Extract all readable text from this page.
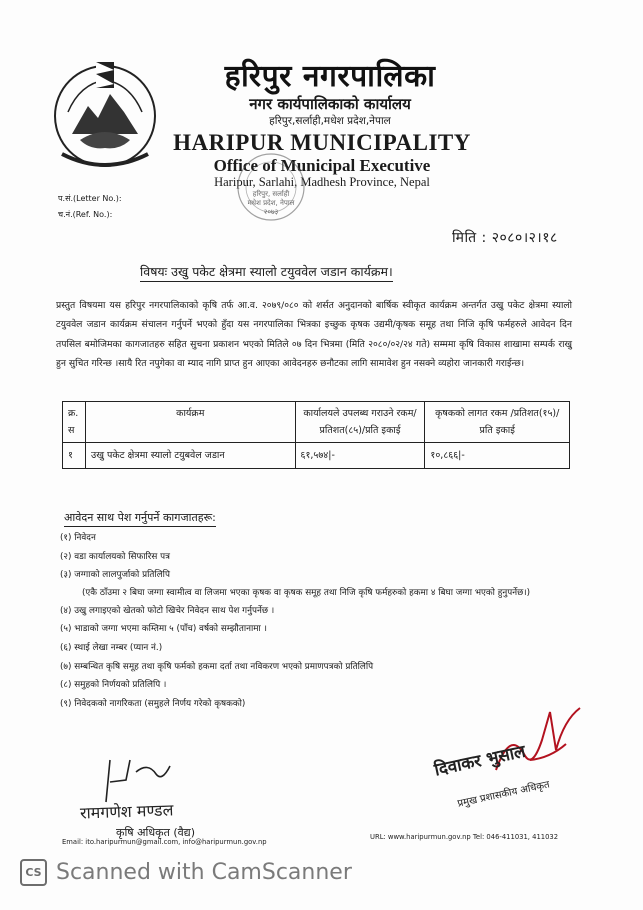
हरिपुर नगरपालिका
नगर कार्यपालिकाको कार्यालय
हरिपुर,सर्लाही,मधेश प्रदेश,नेपाल
HARIPUR MUNICIPALITY
Office of Municipal Executive
Haripur, Sarlahi, Madhesh Province, Nepal
हरिपुर, सर्लाही
मधेश प्रदेश, नेपाल
२०७३
प.सं.(Letter No.):
च.नं.(Ref. No.):
मिति : २०८०।२।१८
विषयः उखु पकेट क्षेत्रमा स्यालो टयुववेल जडान कार्यक्रम।

प्रस्तुत विषयमा यस हरिपुर नगरपालिकाको कृषि तर्फ आ.व. २०७९/०८० को शर्सत अनुदानको बार्षिक स्वीकृत कार्यक्रम अन्तर्गत उखु पकेट क्षेत्रमा स्यालो टयुववेल जडान कार्यक्रम संचालन गर्नुपर्ने भएको हुँदा यस नगरपालिका भित्रका इच्छुक कृषक उद्यमी/कृषक समूह तथा निजि कृषि फर्महरुले आवेदन दिन तपसिल बमोजिमका कागजातहरु सहित सुचना प्रकाशन भएको मितिले ०७ दिन भित्रमा (मिति २०८०/०२/२४ गते) सम्ममा कृषि विकास शाखामा सम्पर्क राखु हुन सुचित गरिन्छ ।सायै रित नपुगेका वा म्याद नागि प्राप्त हुन आएका आवेदनहरु छनौटका लागि सामावेश हुन नसक्ने व्यहोरा जानकारी गराईन्छ।

क्र. स	कार्यक्रम	कार्यालयले उपलब्ध गराउने रकम/प्रतिशत(८५)/प्रति इकाई	कृषकको लागत रकम /प्रतिशत(१५)/प्रति इकाई
१	उखु पकेट क्षेत्रमा स्यालो टयुबवेल जडान	६१,५७४|-	१०,८६६|-
आवेदन साथ पेश गर्नुपर्ने कागजातहरू:
(१) निवेदन
(२) वडा कार्यालयको सिफारिस पत्र
(३) जग्गाको लालपुर्जाको प्रतिलिपि
(एकै ठाँउमा २ बिघा जग्गा स्वामीत्व वा लिजमा भएका कृषक वा कृषक समूह तथा निजि कृषि फर्महरुको हकमा ४ बिघा जग्गा भएको हुनुपर्नेछ।)
(४) उखु लगाइएको खेतको फोटो खिचेर निवेदन साथ पेश गर्नुपर्नेछ ।
(५) भाडाको जग्गा भएमा कम्तिमा ५ (पाँच) वर्षको सम्झौतानामा ।
(६) स्थाई लेखा नम्बर (प्यान नं.)
(७) सम्बन्धित कृषि समूह तथा कृषि फर्मको हकमा दर्ता तथा नविकरण भएको प्रमाणपत्रको प्रतिलिपि
(८) समुहको निर्णयको प्रतिलिपि ।
(९) निवेदकको नागरिकता (समुहले निर्णय गरेको कृषकको)
रामगणेश मण्डल
कृषि अधिकृत (वैद्य)
दिवाकर भुसाल
प्रमुख प्रशासकीय अधिकृत
Email: ito.haripurmun@gmail.com, info@haripurmun.gov.np
URL: www.haripurmun.gov.np Tel: 046-411031, 411032
CS Scanned with CamScanner
